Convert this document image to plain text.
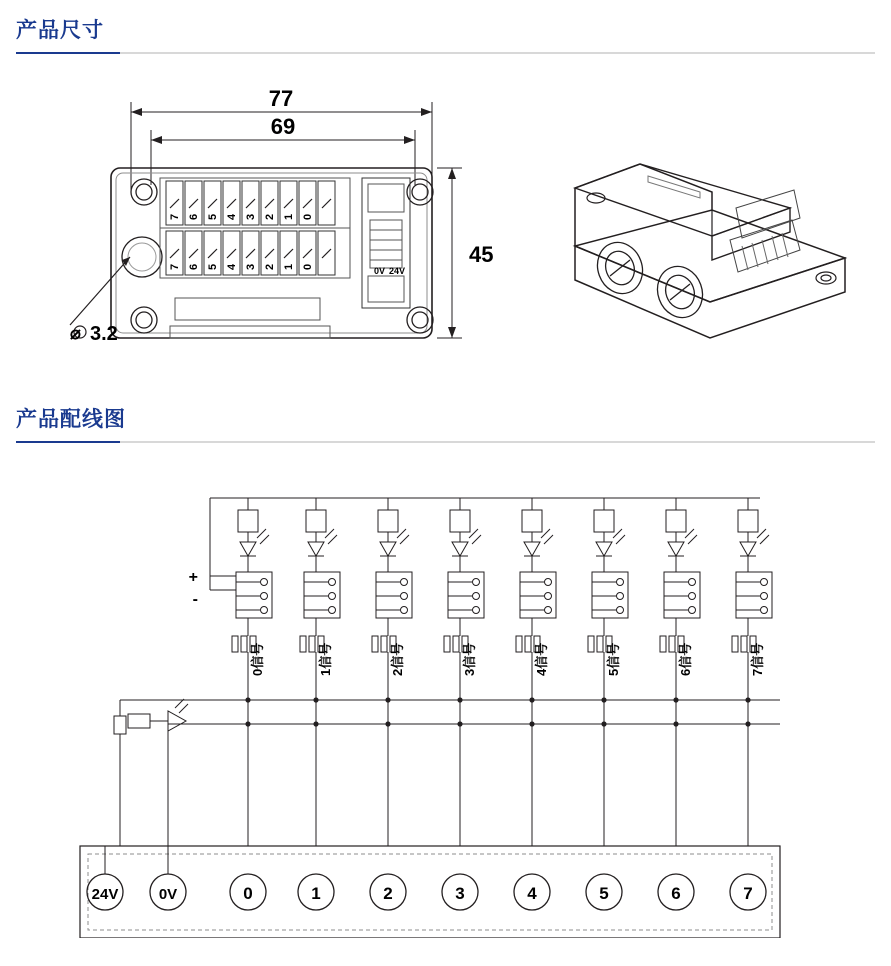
产品尺寸
77
69
45
3.2
7 6 5 4 3 2 1 0
7 6 5 4 3 2 1 0	0V 24V
⌀
产品配线图
+
-
0信号	1信号	2信号	3信号	4信号	5信号	6信号	7信号
24V	0V	0	1	2	3	4	5	6	7
